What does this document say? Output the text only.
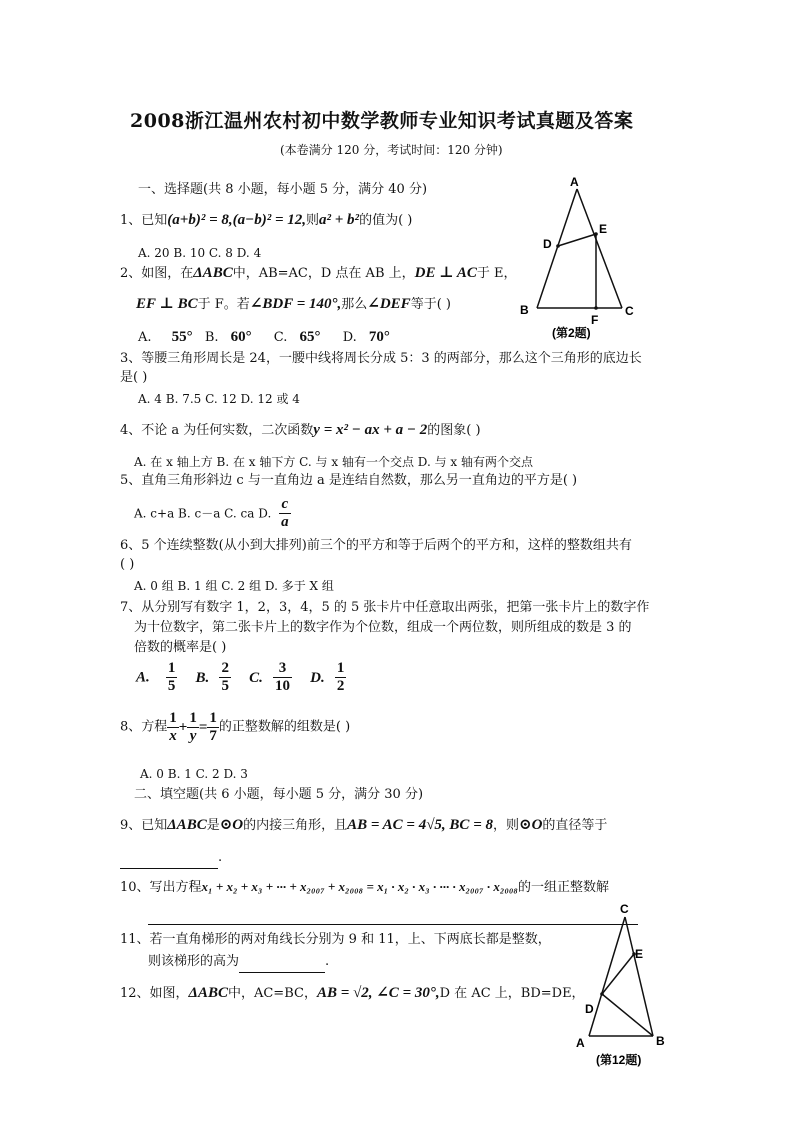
2008浙江温州农村初中数学教师专业知识考试真题及答案
(本卷满分 120 分，考试时间：120 分钟)
一、选择题(共 8 小题，每小题 5 分，满分 40 分)
1、已知(a+b)² = 8,(a−b)² = 12,则a² + b²的值为( )
A. 20 B. 10 C. 8 D. 4
2、如图，在ΔABC中，AB=AC，D 点在 AB 上，DE ⊥ AC于 E，
EF ⊥ BC于 F。若∠BDF = 140°,那么∠DEF等于( )
A. 55° B. 60° C. 65° D. 70°
3、等腰三角形周长是 24，一腰中线将周长分成 5：3 的两部分，那么这个三角形的底边长
是( )
A. 4 B. 7.5 C. 12 D. 12 或 4
4、不论 a 为任何实数，二次函数y = x² − ax + a − 2的图象( )
A. 在 x 轴上方 B. 在 x 轴下方 C. 与 x 轴有一个交点 D. 与 x 轴有两个交点
5、直角三角形斜边 c 与一直角边 a 是连结自然数，那么另一直角边的平方是( )
A. c+a B. c－a C. ca D. $\frac{c}{a}$
6、5 个连续整数(从小到大排列)前三个的平方和等于后两个的平方和，这样的整数组共有
( )
A. 0 组 B. 1 组 C. 2 组 D. 多于 X 组
7、从分别写有数字 1，2，3，4，5 的 5 张卡片中任意取出两张，把第一张卡片上的数字作
为十位数字，第二张卡片上的数字作为个位数，组成一个两位数，则所组成的数是 3 的
倍数的概率是( )
A. $\frac{1}{5} B$. $\frac{2}{5} C$. $\frac{3}{10} D$. $\frac{1}{2}$
8、方程 $\frac{1}{x} + \frac{1}{y} = \frac{1}{7}$ 的正整数解的组数是( )
A. 0 B. 1 C. 2 D. 3
二、填空题(共 6 小题，每小题 5 分，满分 30 分)
9、已知ΔABC是⊙O的内接三角形，且AB = AC = 4√5, BC = 8，则⊙O的直径等于
.
10、写出方程x₁ + x₂ + x₃ + ··· + x₂₀₀₇ + x₂₀₀₈ = x₁ · x₂ · x₃ · ··· · x₂₀₀₇ · x₂₀₀₈的一组正整数解
11、若一直角梯形的两对角线长分别为 9 和 11，上、下两底长都是整数，
则该梯形的高为	.
12、如图，ΔABC中，AC=BC，AB = √2, ∠C = 30°,D 在 AC 上，BD=DE，
A
D
E
B	C
F
(第2题)
C
E
D
A	B
(第12题)
